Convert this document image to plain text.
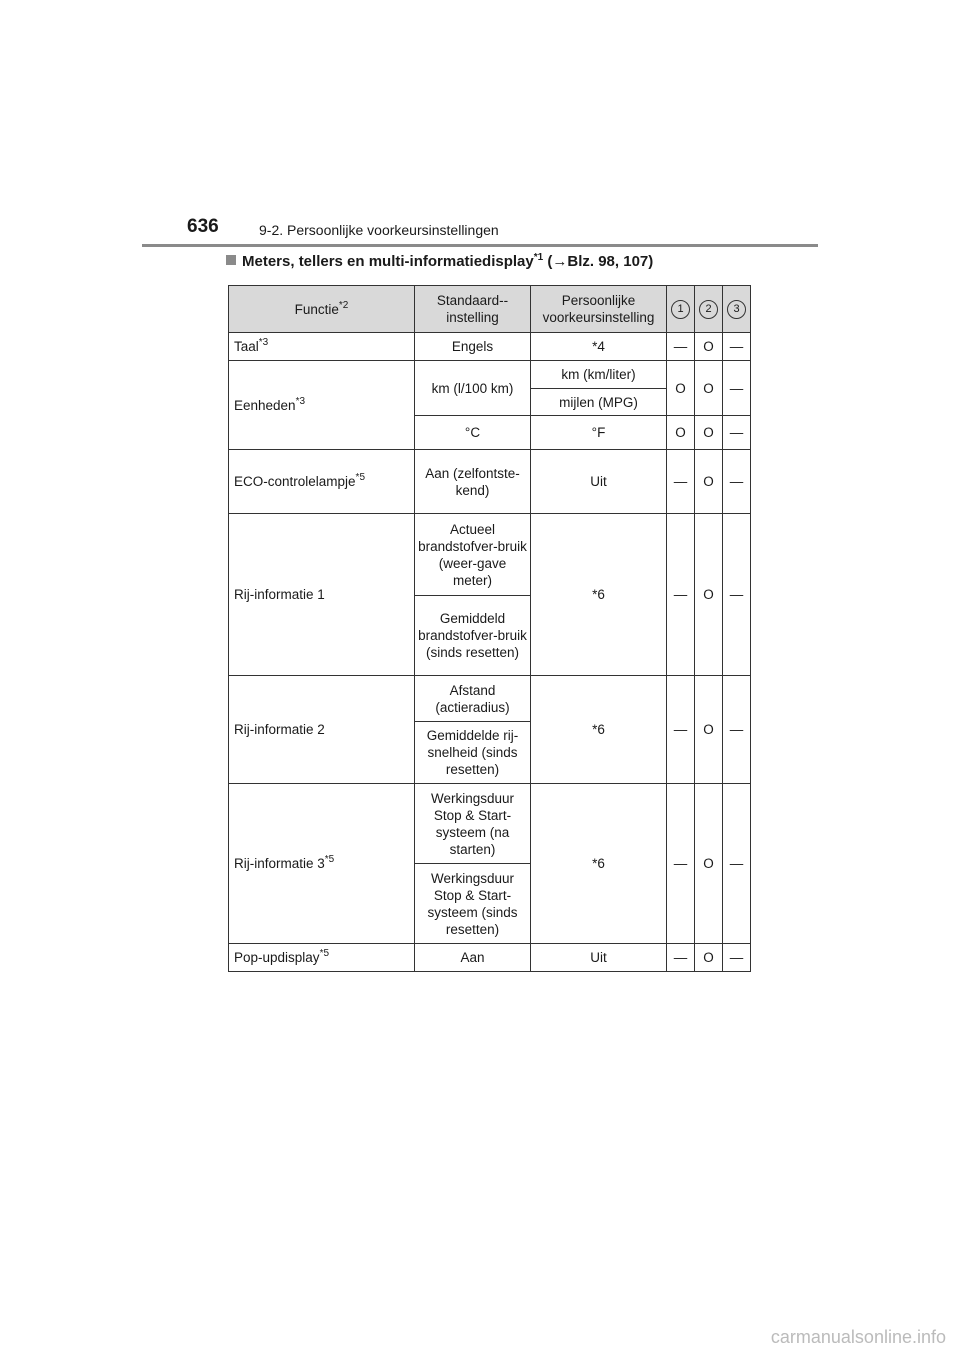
636	9-2. Persoonlijke voorkeursinstellingen
Meters, tellers en multi-informatiedisplay$^{*1}$ (→Blz. 98, 107)
Functie$^{*2}$	Standaard-instelling	Persoonlijke voorkeursinstelling	1	2	3
Taal$^{*3}$	Engels	*4	—	O	—
Eenheden$^{*3}$	km (l/100 km)	km (km/liter)	O	O	—
		mijlen (MPG)			
	°C	°F	O	O	—
ECO-controlelampje$^{*5}$	Aan (zelfontste-kend)	Uit	—	O	—
Rij-informatie 1	Actueel brandstofver-bruik (weer-gave meter)	*6	—	O	—
	Gemiddeld brandstofver-bruik (sinds resetten)				
Rij-informatie 2	Afstand (actieradius)	*6	—	O	—
	Gemiddelde rij-snelheid (sinds resetten)				
Rij-informatie 3$^{*5}$	Werkingsduur Stop & Start-systeem (na starten)	*6	—	O	—
	Werkingsduur Stop & Start-systeem (sinds resetten)				
Pop-updisplay$^{*5}$	Aan	Uit	—	O	—
carmanualsonline.info
